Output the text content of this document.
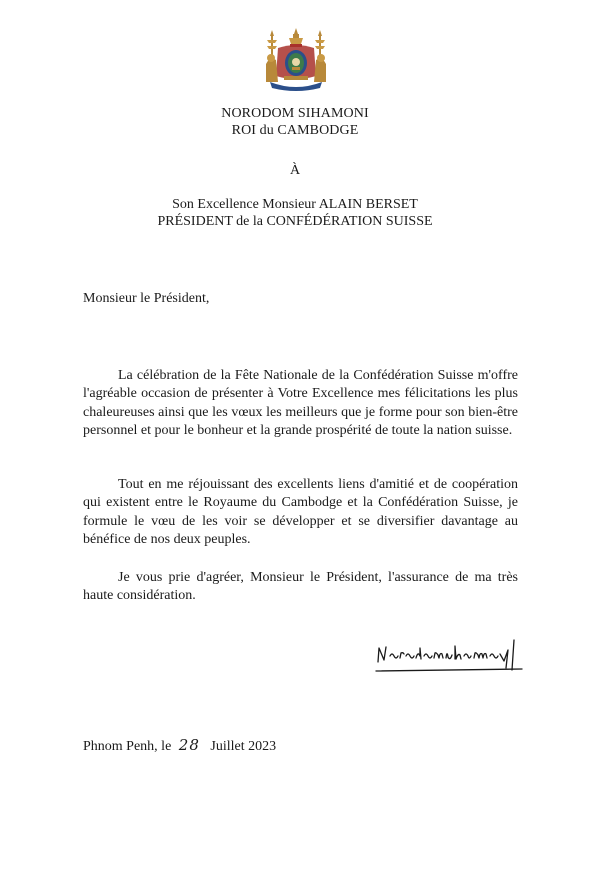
NORODOM SIHAMONI
ROI du CAMBODGE
À
Son Excellence Monsieur ALAIN BERSET
PRÉSIDENT de la CONFÉDÉRATION SUISSE
Monsieur le Président,

La célébration de la Fête Nationale de la Confédération Suisse m'offre l'agréable occasion de présenter à Votre Excellence mes félicitations les plus chaleureuses ainsi que les vœux les meilleurs que je forme pour son bien-être personnel et pour le bonheur et la grande prospérité de toute la nation suisse.

Tout en me réjouissant des excellents liens d'amitié et de coopération qui existent entre le Royaume du Cambodge et la Confédération Suisse, je formule le vœu de les voir se développer et se diversifier davantage au bénéfice de nos deux peuples.

Je vous prie d'agréer, Monsieur le Président, l'assurance de ma très haute considération.

Phnom Penh, le 28 Juillet 2023
